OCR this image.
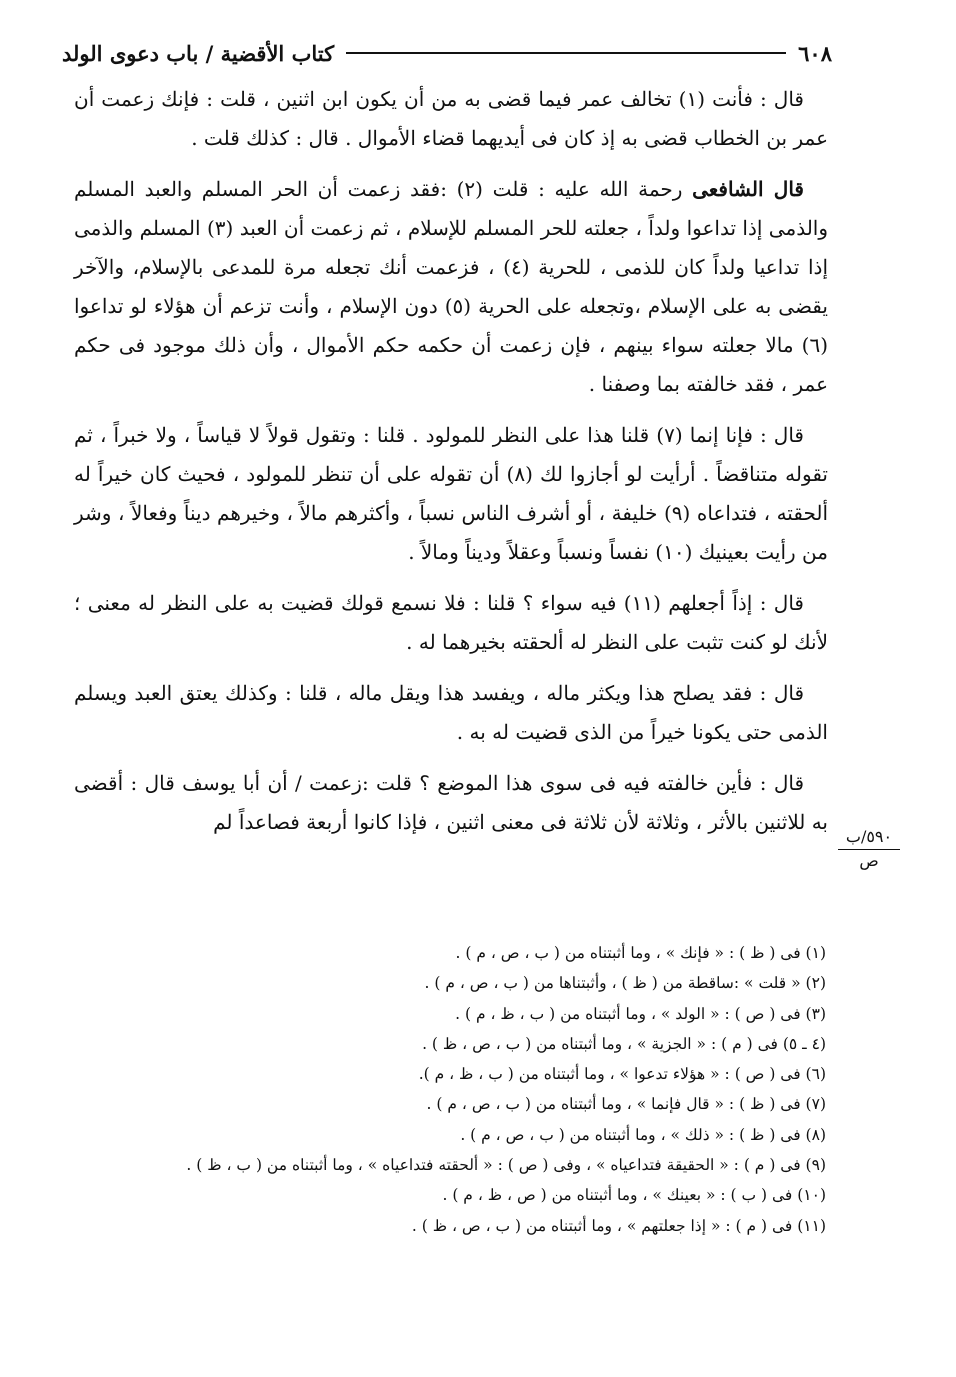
٦٠٨
كتاب الأقضية / باب دعوى الولد

قال : فأنت (١) تخالف عمر فيما قضى به من أن يكون ابن اثنين ، قلت : فإنك زعمت أن عمر بن الخطاب قضى به إذ كان فى أيديهما قضاء الأموال . قال : كذلك قلت .

قال الشافعى رحمة الله عليه : قلت (٢) :فقد زعمت أن الحر المسلم والعبد المسلم والذمى إذا تداعوا ولداً ، جعلته للحر المسلم للإسلام ، ثم زعمت أن العبد (٣) المسلم والذمى إذا تداعيا ولداً كان للذمى ، للحرية (٤) ، فزعمت أنك تجعله مرة للمدعى بالإسلام، والآخر يقضى به على الإسلام ،وتجعله على الحرية (٥) دون الإسلام ، وأنت تزعم أن هؤلاء لو تداعوا (٦) مالا جعلته سواء بينهم ، فإن زعمت أن حكمه حكم الأموال ، وأن ذلك موجود فى حكم عمر ، فقد خالفته بما وصفنا .

قال : فإنا إنما (٧) قلنا هذا على النظر للمولود . قلنا : وتقول قولاً لا قياساً ، ولا خبراً ، ثم تقوله متناقضاً . أرأيت لو أجازوا لك (٨) أن تقوله على أن تنظر للمولود ، فحيث كان خيراً له ألحقته ، فتداعاه (٩) خليفة ، أو أشرف الناس نسباً ، وأكثرهم مالاً ، وخيرهم ديناً وفعالاً ، وشر من رأيت بعينيك (١٠) نفساً ونسباً وعقلاً وديناً ومالاً .

قال : إذاً أجعلهم (١١) فيه سواء ؟ قلنا : فلا نسمع قولك قضيت به على النظر له معنى ؛ لأنك لو كنت تثبت على النظر له ألحقته بخيرهما له .

قال : فقد يصلح هذا ويكثر ماله ، ويفسد هذا ويقل ماله ، قلنا : وكذلك يعتق العبد ويسلم الذمى حتى يكونا خيراً من الذى قضيت له به .

قال : فأين خالفته فيه فى سوى هذا الموضع ؟ قلت :زعمت / أن أبا يوسف قال : أقضى به للاثنين بالأثر ، وثلاثة لأن ثلاثة فى معنى اثنين ، فإذا كانوا أربعة فصاعداً لم

٥٩٠/ب
ص
(١) فى ( ظ ) : « فإنك » ، وما أثبتناه من ( ب ، ص ، م ) .
(٢) « قلت » :ساقطة من ( ظ ) ، وأثبتناها من ( ب ، ص ، م ) .
(٣) فى ( ص ) : « الولد » ، وما أثبتناه من ( ب ، ظ ، م ) .
(٤ ـ ٥) فى ( م ) : « الجزية » ، وما أثبتناه من ( ب ، ص ، ظ ) .
(٦) فى ( ص ) : « هؤلاء تدعوا » ، وما أثبتناه من ( ب ، ظ ، م ).
(٧) فى ( ظ ) : « قال فإنما » ، وما أثبتناه من ( ب ، ص ، م ) .
(٨) فى ( ظ ) : « ذلك » ، وما أثبتناه من ( ب ، ص ، م ) .
(٩) فى ( م ) : « الحقيقة فتداعياه » ، وفى ( ص ) : « ألحقته فتداعياه » ، وما أثبتناه من ( ب ، ظ ) .
(١٠) فى ( ب ) : « بعينك » ، وما أثبتناه من ( ص ، ظ ، م ) .
(١١) فى ( م ) : « إذا جعلتهم » ، وما أثبتناه من ( ب ، ص ، ظ ) .
